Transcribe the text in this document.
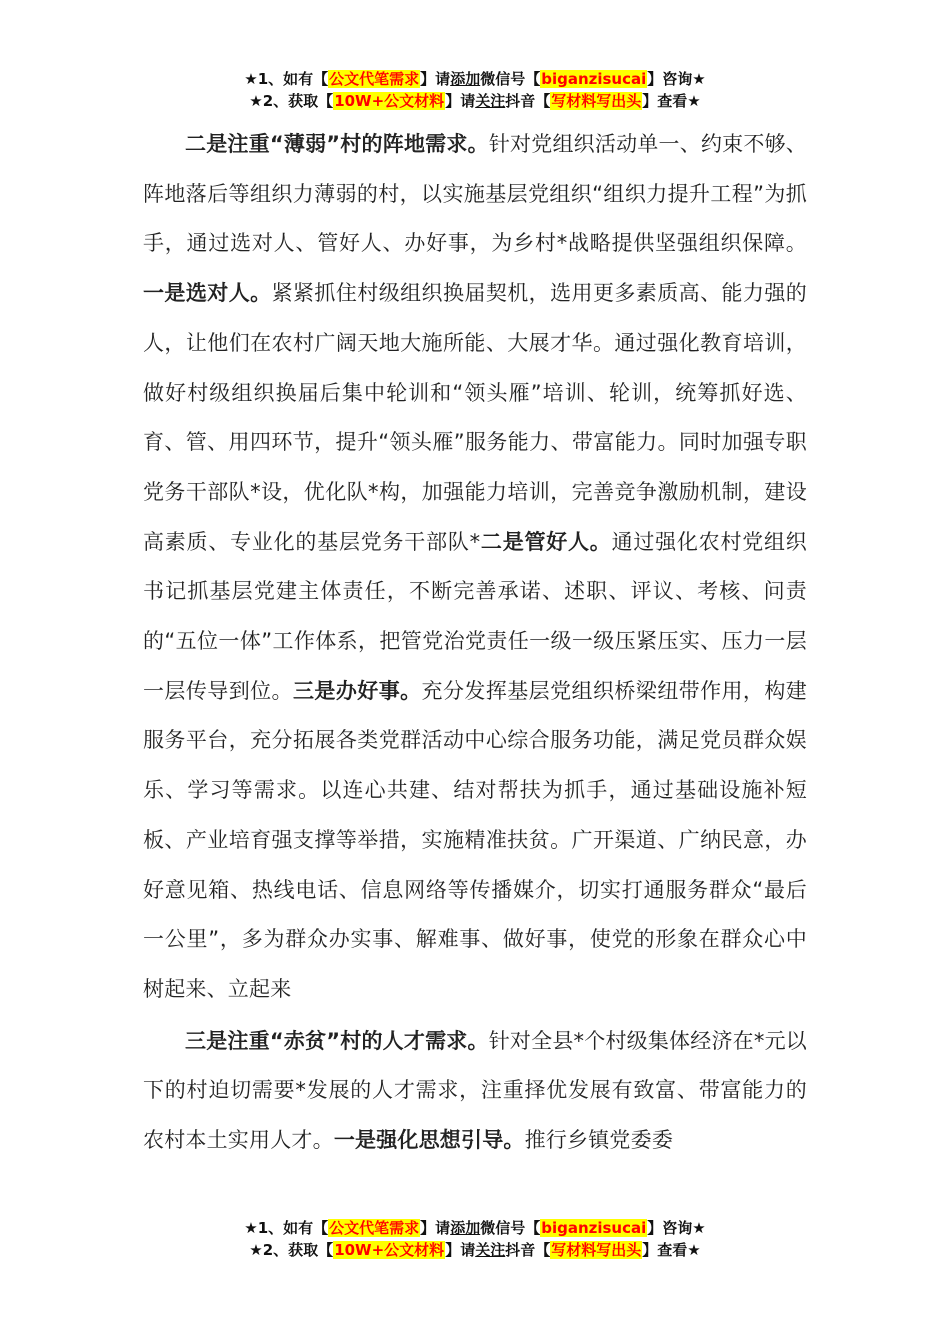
★1、如有【公文代笔需求】请添加微信号【biganzisucai】咨询★
★2、获取【10W+公文材料】请关注抖音【写材料写出头】查看★

二是注重“薄弱”村的阵地需求。针对党组织活动单一、约束不够、阵地落后等组织力薄弱的村，以实施基层党组织“组织力提升工程”为抓手，通过选对人、管好人、办好事，为乡村*战略提供坚强组织保障。一是选对人。紧紧抓住村级组织换届契机，选用更多素质高、能力强的人，让他们在农村广阔天地大施所能、大展才华。通过强化教育培训，做好村级组织换届后集中轮训和“领头雁”培训、轮训，统筹抓好选、育、管、用四环节，提升“领头雁”服务能力、带富能力。同时加强专职党务干部队*设，优化队*构，加强能力培训，完善竞争激励机制，建设高素质、专业化的基层党务干部队*二是管好人。通过强化农村党组织书记抓基层党建主体责任，不断完善承诺、述职、评议、考核、问责的“五位一体”工作体系，把管党治党责任一级一级压紧压实、压力一层一层传导到位。三是办好事。充分发挥基层党组织桥梁纽带作用，构建服务平台，充分拓展各类党群活动中心综合服务功能，满足党员群众娱乐、学习等需求。以连心共建、结对帮扶为抓手，通过基础设施补短板、产业培育强支撑等举措，实施精准扶贫。广开渠道、广纳民意，办好意见箱、热线电话、信息网络等传播媒介，切实打通服务群众“最后一公里”，多为群众办实事、解难事、做好事，使党的形象在群众心中树起来、立起来

三是注重“赤贫”村的人才需求。针对全县*个村级集体经济在*元以下的村迫切需要*发展的人才需求，注重择优发展有致富、带富能力的农村本土实用人才。一是强化思想引导。推行乡镇党委委

★1、如有【公文代笔需求】请添加微信号【biganzisucai】咨询★
★2、获取【10W+公文材料】请关注抖音【写材料写出头】查看★
